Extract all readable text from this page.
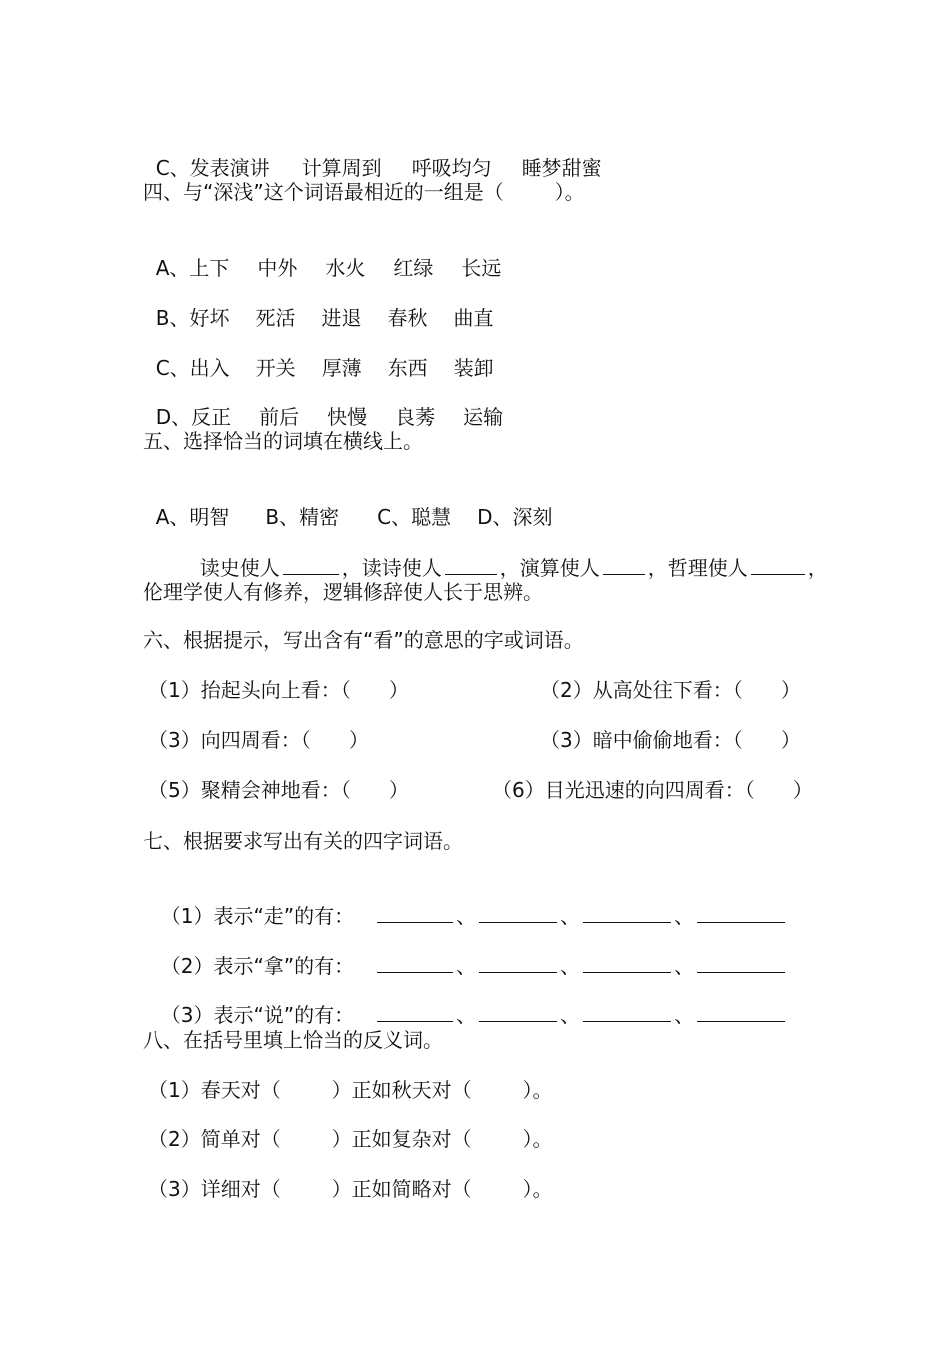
C、发表演讲 计算周到 呼吸均匀 睡梦甜蜜

四、与“深浅”这个词语最相近的一组是（        ）。

A、上下 中外 水火 红绿 长远

B、好坏 死活 进退 春秋 曲直

C、出入 开关 厚薄 东西 装卸

D、反正 前后 快慢 良莠 运输

五、选择恰当的词填在横线上。

A、明智 B、精密 C、聪慧 D、深刻

读史使人	，读诗使人	，演算使人 ，哲理使人	，

伦理学使人有修养，逻辑修辞使人长于思辨。
六、根据提示，写出含有“看”的意思的字或词语。
（1）抬起头向上看：（      ）	（2）从高处往下看：（      ）
（3）向四周看：（      ）	（3）暗中偷偷地看：（      ）
（5）聚精会神地看：（      ）	（6）目光迅速的向四周看：（      ）
七、根据要求写出有关的四字词语。

（1）表示“走”的有：	、	、	、

（2）表示“拿”的有：	、	、	、

（3）表示“说”的有：	、	、	、

八、在括号里填上恰当的反义词。
（1）春天对（        ）正如秋天对（        ）。
（2）简单对（        ）正如复杂对（        ）。
（3）详细对（        ）正如简略对（        ）。
